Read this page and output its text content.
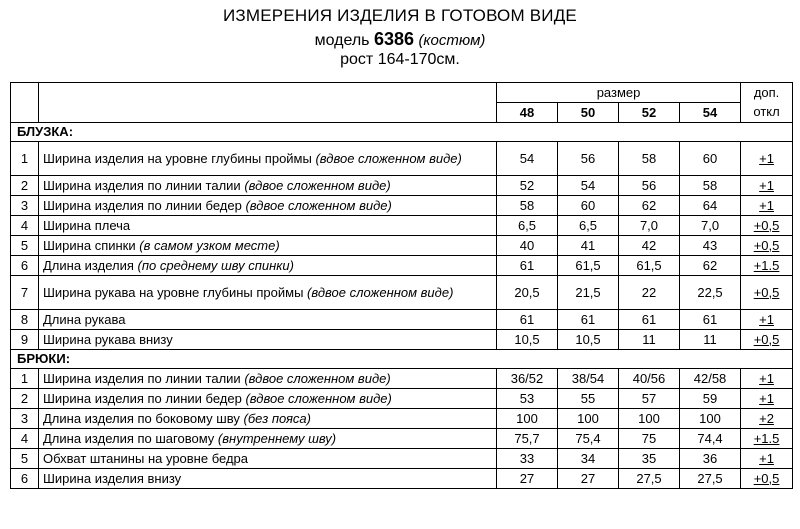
ИЗМЕРЕНИЯ ИЗДЕЛИЯ В ГОТОВОМ ВИДЕ
модель 6386 (костюм)
рост 164-170см.
		размер				доп.
		48	50	52	54	откл
БЛУЗКА:						
1	Ширина изделия на уровне глубины проймы (вдвое сложенном виде)	54	56	58	60	+1
2	Ширина изделия по линии талии (вдвое сложенном виде)	52	54	56	58	+1
3	Ширина изделия по линии бедер (вдвое сложенном виде)	58	60	62	64	+1
4	Ширина плеча	6,5	6,5	7,0	7,0	+0,5
5	Ширина спинки (в самом узком месте)	40	41	42	43	+0,5
6	Длина изделия (по среднему шву спинки)	61	61,5	61,5	62	+1.5
7	Ширина рукава на уровне глубины проймы (вдвое сложенном виде)	20,5	21,5	22	22,5	+0,5
8	Длина рукава	61	61	61	61	+1
9	Ширина рукава внизу	10,5	10,5	11	11	+0,5
БРЮКИ:						
1	Ширина изделия по линии талии (вдвое сложенном виде)	36/52	38/54	40/56	42/58	+1
2	Ширина изделия по линии бедер (вдвое сложенном виде)	53	55	57	59	+1
3	Длина изделия по боковому шву (без пояса)	100	100	100	100	+2
4	Длина изделия по шаговому (внутреннему шву)	75,7	75,4	75	74,4	+1.5
5	Обхват штанины на уровне бедра	33	34	35	36	+1
6	Ширина изделия внизу	27	27	27,5	27,5	+0,5
